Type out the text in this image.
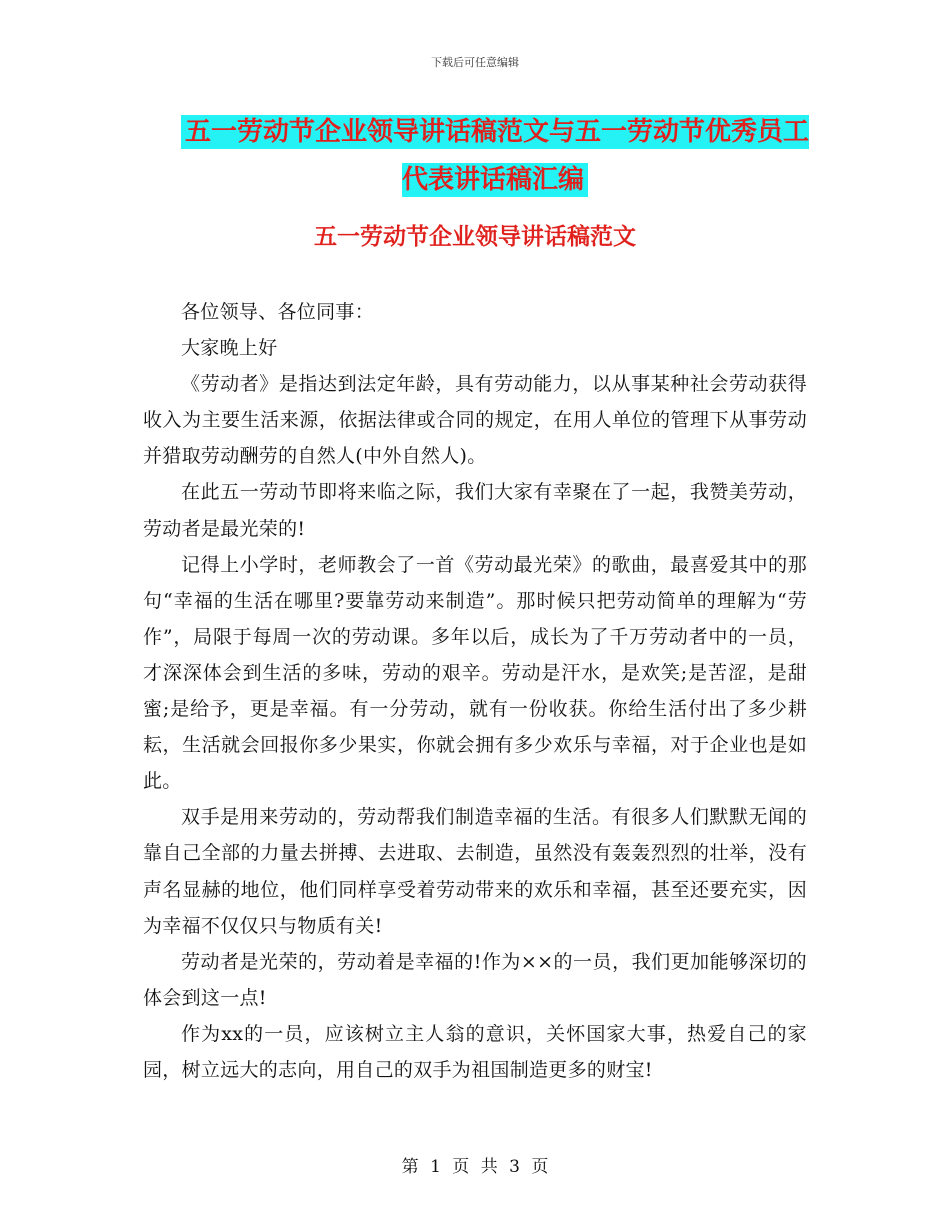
下载后可任意编辑
五一劳动节企业领导讲话稿范文与五一劳动节优秀员工代表讲话稿汇编
五一劳动节企业领导讲话稿范文

各位领导、各位同事：

大家晚上好

《劳动者》是指达到法定年龄，具有劳动能力，以从事某种社会劳动获得收入为主要生活来源，依据法律或合同的规定，在用人单位的管理下从事劳动并猎取劳动酬劳的自然人(中外自然人)。

在此五一劳动节即将来临之际，我们大家有幸聚在了一起，我赞美劳动，劳动者是最光荣的!

记得上小学时，老师教会了一首《劳动最光荣》的歌曲，最喜爱其中的那句“幸福的生活在哪里?要靠劳动来制造”。那时候只把劳动简单的理解为“劳作”，局限于每周一次的劳动课。多年以后，成长为了千万劳动者中的一员，才深深体会到生活的多味，劳动的艰辛。劳动是汗水，是欢笑;是苦涩，是甜蜜;是给予，更是幸福。有一分劳动，就有一份收获。你给生活付出了多少耕耘，生活就会回报你多少果实，你就会拥有多少欢乐与幸福，对于企业也是如此。

双手是用来劳动的，劳动帮我们制造幸福的生活。有很多人们默默无闻的靠自己全部的力量去拼搏、去进取、去制造，虽然没有轰轰烈烈的壮举，没有声名显赫的地位，他们同样享受着劳动带来的欢乐和幸福，甚至还要充实，因为幸福不仅仅只与物质有关!

劳动者是光荣的，劳动着是幸福的!作为××的一员，我们更加能够深切的体会到这一点!

作为xx的一员，应该树立主人翁的意识，关怀国家大事，热爱自己的家园，树立远大的志向，用自己的双手为祖国制造更多的财宝!

第 1 页 共 3 页
